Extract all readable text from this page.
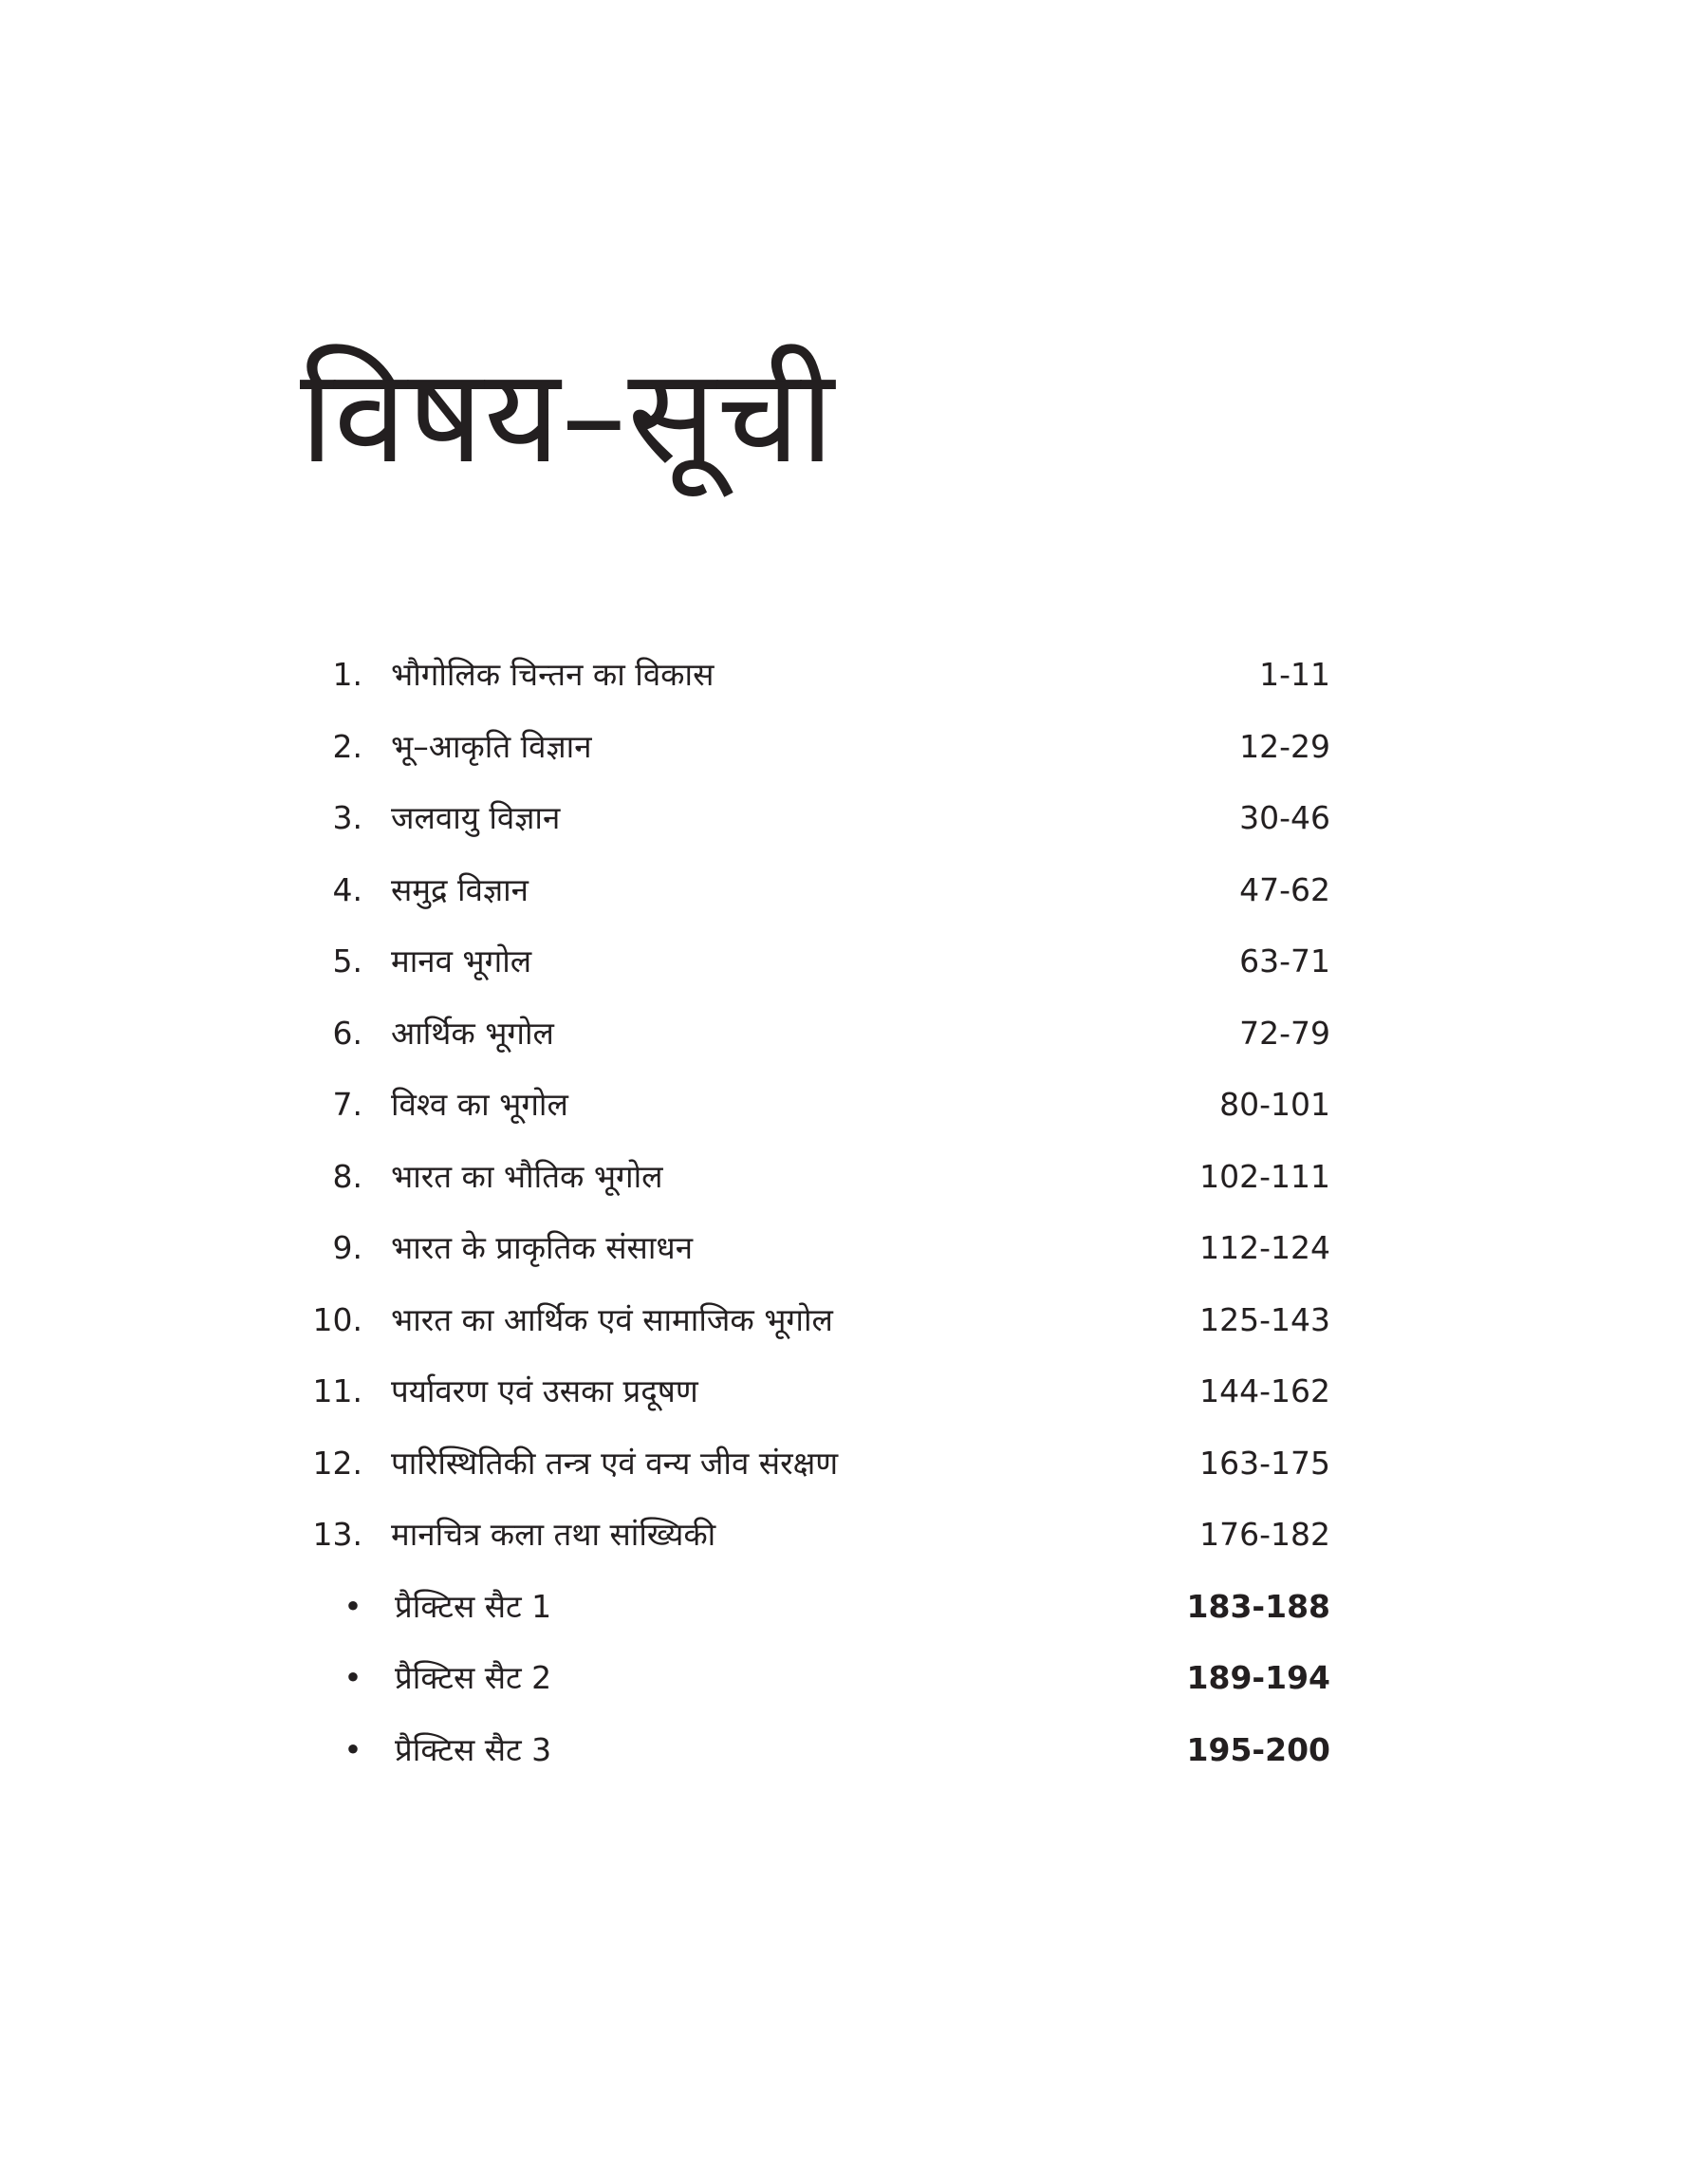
विषय–सूची
1. भौगोलिक चिन्तन का विकास	1-11
2. भू–आकृति विज्ञान	12-29
3. जलवायु विज्ञान	30-46
4. समुद्र विज्ञान	47-62
5. मानव भूगोल	63-71
6. आर्थिक भूगोल	72-79
7. विश्व का भूगोल	80-101
8. भारत का भौतिक भूगोल	102-111
9. भारत के प्राकृतिक संसाधन	112-124
10. भारत का आर्थिक एवं सामाजिक भूगोल	125-143
11. पर्यावरण एवं उसका प्रदूषण	144-162
12. पारिस्थितिकी तन्त्र एवं वन्य जीव संरक्षण	163-175
13. मानचित्र कला तथा सांख्यिकी	176-182
• प्रैक्टिस सैट 1	183-188
• प्रैक्टिस सैट 2	189-194
• प्रैक्टिस सैट 3	195-200
